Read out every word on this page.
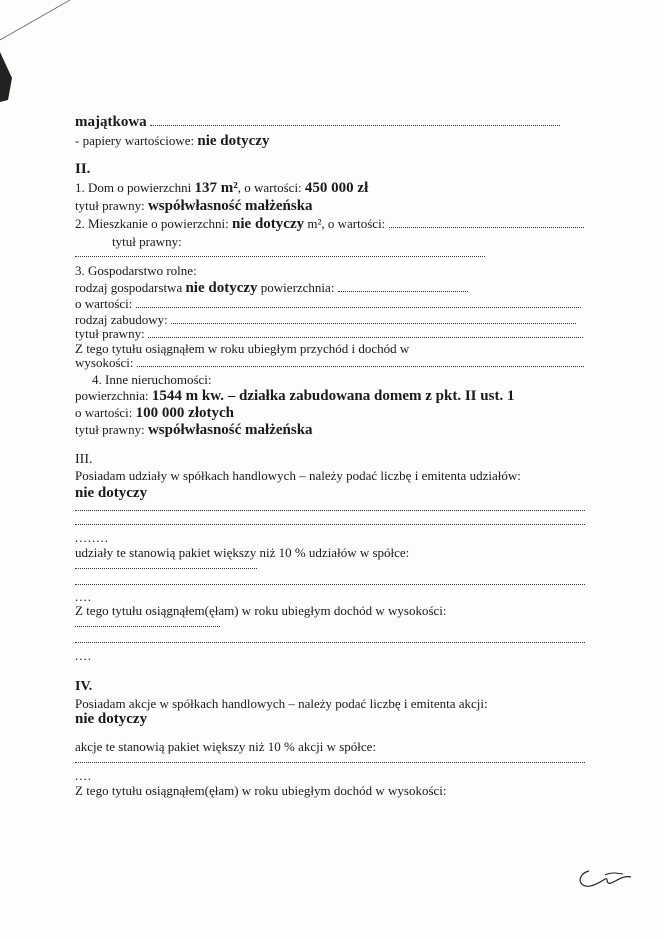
majątkowa
- papiery wartościowe: nie dotyczy
II.
1. Dom o powierzchni 137 m², o wartości: 450 000 zł
tytuł prawny: współwłasność małżeńska
2. Mieszkanie o powierzchni: nie dotyczy m², o wartości:
tytuł prawny:
3. Gospodarstwo rolne:
rodzaj gospodarstwa nie dotyczy powierzchnia:
o wartości:
rodzaj zabudowy:
tytuł prawny:
Z tego tytułu osiągnąłem w roku ubiegłym przychód i dochód w
wysokości:
4. Inne nieruchomości:
powierzchnia: 1544 m kw. – działka zabudowana domem z pkt. II ust. 1
o wartości: 100 000 złotych
tytuł prawny: współwłasność małżeńska
III.
Posiadam udziały w spółkach handlowych – należy podać liczbę i emitenta udziałów:
nie dotyczy
........
udziały te stanowią pakiet większy niż 10 % udziałów w spółce:
....
Z tego tytułu osiągnąłem(ęłam) w roku ubiegłym dochód w wysokości:
....
IV.
Posiadam akcje w spółkach handlowych – należy podać liczbę i emitenta akcji:
nie dotyczy
akcje te stanowią pakiet większy niż 10 % akcji w spółce:
....
Z tego tytułu osiągnąłem(ęłam) w roku ubiegłym dochód w wysokości:
